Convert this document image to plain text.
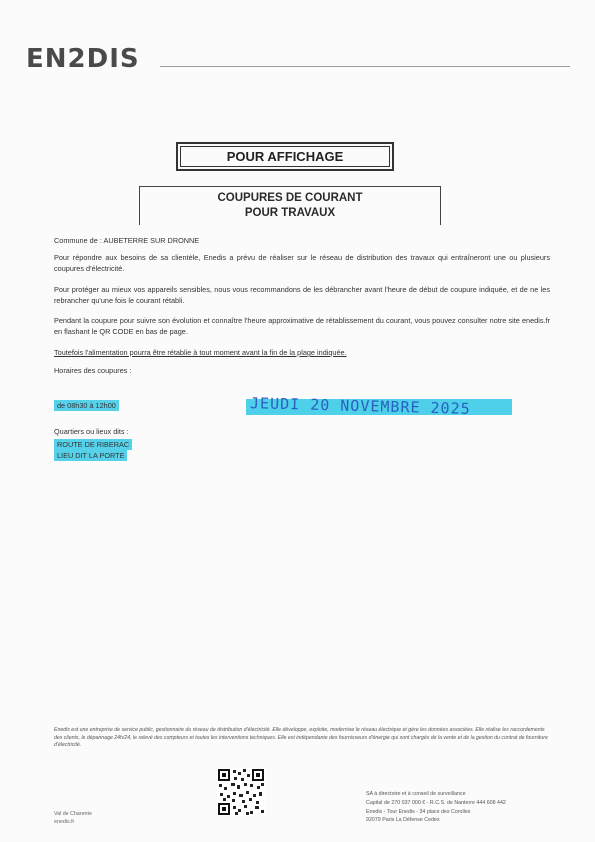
EN2DIS
POUR AFFICHAGE
COUPURES DE COURANT
POUR TRAVAUX
Commune de : AUBETERRE SUR DRONNE
Pour répondre aux besoins de sa clientèle, Enedis a prévu de réaliser sur le réseau de distribution des travaux qui entraîneront une ou plusieurs coupures d'électricité.
Pour protéger au mieux vos appareils sensibles, nous vous recommandons de les débrancher avant l'heure de début de coupure indiquée, et de ne les rebrancher qu'une fois le courant rétabli.
Pendant la coupure pour suivre son évolution et connaître l'heure approximative de rétablissement du courant, vous pouvez consulter notre site enedis.fr en flashant le QR CODE en bas de page.
Toutefois l'alimentation pourra être rétablie à tout moment avant la fin de la plage indiquée.
Horaires des coupures :
de 08h30 à 12h00	JEUDI 20 NOVEMBRE 2025
Quartiers ou lieux dits :
ROUTE DE RIBERAC
LIEU DIT LA PORTE
Enedis est une entreprise de service public, gestionnaire du réseau de distribution d'électricité. Elle développe, exploite, modernise le réseau électrique et gère les données associées. Elle réalise les raccordements des clients, le dépannage 24h/24, le relevé des compteurs et toutes les interventions techniques. Elle est indépendante des fournisseurs d'énergie qui sont chargés de la vente et de la gestion du contrat de fourniture d'électricité.
Val de Charente
enedis.fr
SA à directoire et à conseil de surveillance
Capital de 270 037 000 € - R.C.S. de Nanterre 444 608 442
Enedis - Tour Enedis - 34 place des Corolles
92079 Paris La Défense Cedex
